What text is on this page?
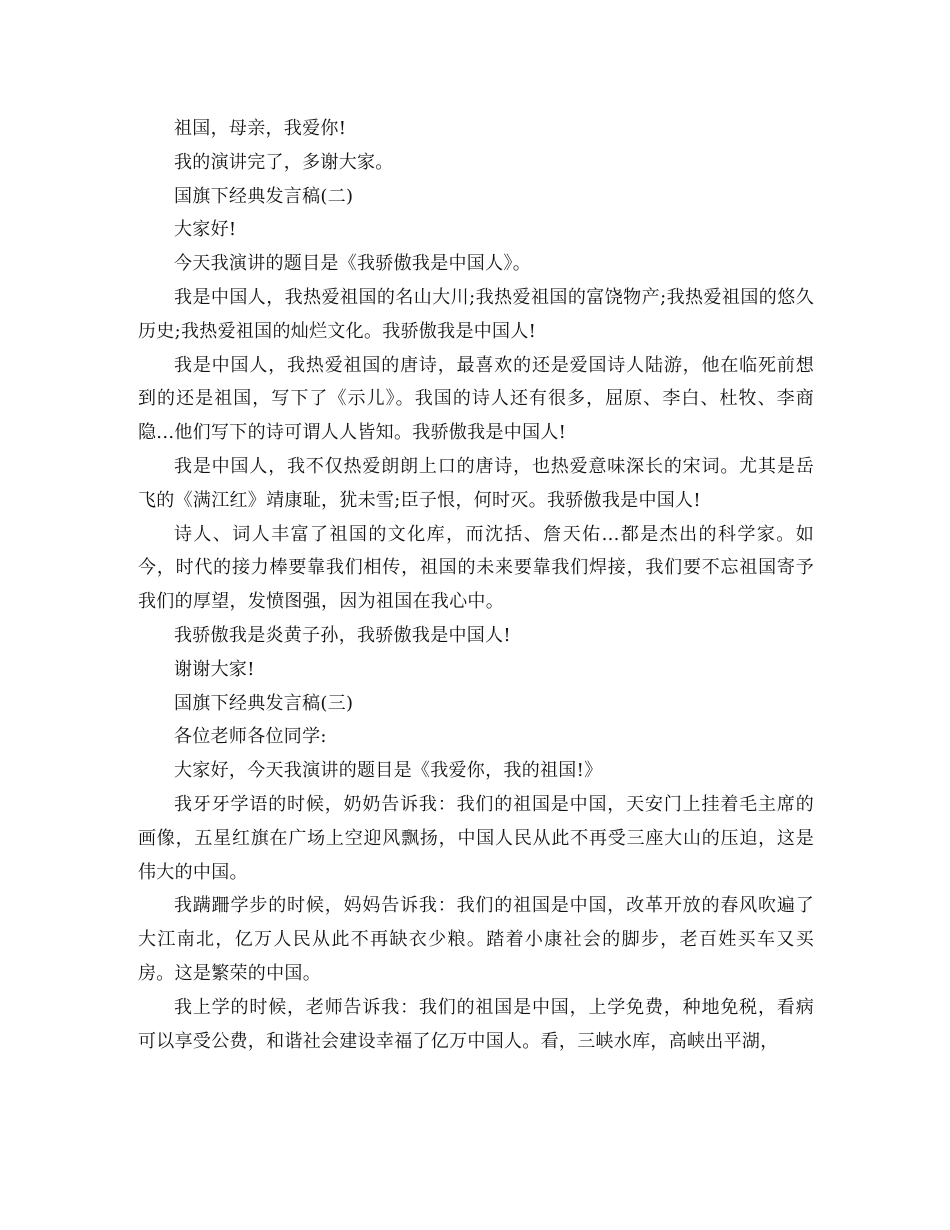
祖国，母亲，我爱你!

我的演讲完了，多谢大家。

国旗下经典发言稿(二)

大家好!

今天我演讲的题目是《我骄傲我是中国人》。

我是中国人，我热爱祖国的名山大川;我热爱祖国的富饶物产;我热爱祖国的悠久历史;我热爱祖国的灿烂文化。我骄傲我是中国人!

我是中国人，我热爱祖国的唐诗，最喜欢的还是爱国诗人陆游，他在临死前想到的还是祖国，写下了《示儿》。我国的诗人还有很多，屈原、李白、杜牧、李商隐...他们写下的诗可谓人人皆知。我骄傲我是中国人!

我是中国人，我不仅热爱朗朗上口的唐诗，也热爱意味深长的宋词。尤其是岳飞的《满江红》靖康耻，犹未雪;臣子恨，何时灭。我骄傲我是中国人!

诗人、词人丰富了祖国的文化库，而沈括、詹天佑...都是杰出的科学家。如今，时代的接力棒要靠我们相传，祖国的未来要靠我们焊接，我们要不忘祖国寄予我们的厚望，发愤图强，因为祖国在我心中。

我骄傲我是炎黄子孙，我骄傲我是中国人!

谢谢大家!

国旗下经典发言稿(三)

各位老师各位同学:

大家好，今天我演讲的题目是《我爱你，我的祖国!》

我牙牙学语的时候，奶奶告诉我：我们的祖国是中国，天安门上挂着毛主席的画像，五星红旗在广场上空迎风飘扬，中国人民从此不再受三座大山的压迫，这是伟大的中国。

我蹒跚学步的时候，妈妈告诉我：我们的祖国是中国，改革开放的春风吹遍了大江南北，亿万人民从此不再缺衣少粮。踏着小康社会的脚步，老百姓买车又买房。这是繁荣的中国。

我上学的时候，老师告诉我：我们的祖国是中国，上学免费，种地免税，看病可以享受公费，和谐社会建设幸福了亿万中国人。看，三峡水库，高峡出平湖，
